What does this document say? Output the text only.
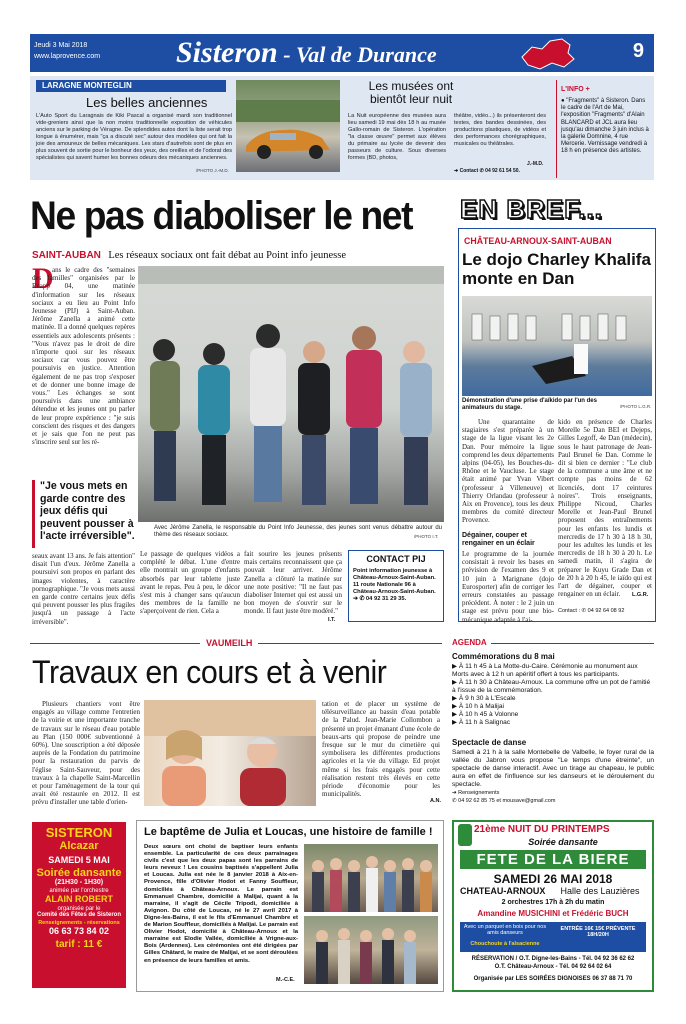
Jeudi 3 Mai 2018
www.laprovence.com	Sisteron - Val de Durance	9
LARAGNE MONTEGLIN
Les belles anciennes
L'Auto Sport du Laragnais de Kiki Pascal a organisé mardi son traditionnel vide-greniers ainsi que la non moins traditionnelle exposition de véhicules anciens sur le parking de Véragne. De splendides autos dont la liste serait trop longue à énumérer, mais "ça a discuté sec" autour des modèles qui ont fait la joie des amoureux de belles mécaniques. Les stars d'autrefois sont de plus en plus souvent de sortie pour le bonheur des yeux, des oreilles et de l'odorat des spécialistes qui savent humer les bonnes odeurs des mécaniques anciennes.
/PHOTO J.-M.D.
Les musées ont bientôt leur nuit
La Nuit européenne des musées aura lieu samedi 19 mai dès 18 h au musée Gallo-romain de Sisteron. L'opération "la classe œuvre" permet aux élèves du primaire au lycée de devenir des passeurs de culture. Sous diverses formes (BD, photos,
théâtre, vidéo...) ils présenteront des textes, des bandes dessinées, des productions plastiques, de vidéos et des performances chorégraphiques, musicales ou théâtrales.
J.-M.D.
➔ Contact ✆ 04 92 61 54 50.
L'INFO +
● "Fragments" à Sisteron. Dans le cadre de l'Art de Mai, l'exposition "Fragments" d'Alain BLANCARD et JCL aura lieu jusqu'au dimanche 3 juin inclus à la galerie Domnine, 4 rue Mercerie. Vernissage vendredi à 18 h en présence des artistes.
Ne pas diaboliser le net
SAINT-AUBAN Les réseaux sociaux ont fait débat au Point info jeunesse
D
ans le cadre des "semaines des familles" organisées par le Reapp 04, une matinée d'information sur les réseaux sociaux a eu lieu au Point Info Jeunesse (PIJ) à Saint-Auban. Jérôme Zanella a animé cette matinée. Il a donné quelques repères essentiels aux adolescents présents : "Vous n'avez pas le droit de dire n'importe quoi sur les réseaux sociaux car vous pouvez être poursuivis en justice. Attention également de ne pas trop s'exposer et de donner une bonne image de vous." Les échanges se sont poursuivis dans une ambiance détendue et les jeunes ont pu parler de leur propre expérience : "je suis conscient des risques et des dangers et je sais que l'on ne peut pas s'inscrire seul sur les ré-
"Je vous mets en garde contre des jeux défis qui peuvent pousser à l'acte irréversible".
seaux avant 13 ans. Je fais attention" disait l'un d'eux. Jérôme Zanella a poursuivi son propos en parlant des images violentes, à caractère pornographique. "Je vous mets aussi en garde contre certains jeux défis qui peuvent pousser les plus fragiles jusqu'à un passage à l'acte irréversible".
Avec Jérôme Zanella, le responsable du Point Info Jeunesse, des jeunes sont venus débattre autour du thème des réseaux sociaux.	/PHOTO I.T.
Le passage de quelques vidéos a complété le débat. L'une d'entre elle montrait un groupe d'enfants absorbés par leur tablette juste avant le repas. Peu à peu, le décor s'est mis à changer sans qu'aucun des membres de la famille ne s'aperçoivent de rien. Cela a
fait sourire les jeunes présents mais certains reconnaissent que ça pouvait leur arriver. Jérôme Zanella a clôturé la matinée sur une note positive: "Il ne faut pas diaboliser Internet qui est aussi un bon moyen de s'ouvrir sur le monde. Il faut juste être modéré."
I.T.
CONTACT PIJ
Point information jeunesse à Château-Arnoux-Saint-Auban. 11 route Nationale 96 à Château-Arnoux-Saint-Auban.
➔ ✆ 04 92 31 29 35.
EN BREF...
CHÂTEAU-ARNOUX-SAINT-AUBAN
Le dojo Charley Khalifa monte en Dan
Démonstration d'une prise d'aïkido par l'un des animateurs du stage.	/PHOTO L.G.R.
Une quarantaine de stagiaires s'est préparée à un stage de la ligue visant les 2e Dan. Pour mémoire la ligue comprend les deux départements alpins (04-05), les Bouches-du-Rhône et le Vaucluse. Le stage était animé par Yvan Vibert (professeur à Villeneuve) et Thierry Orlandau (professeur à Aix en Provence), tous les deux membres du comité directeur Provence.
Dégainer, couper et rengainer en un éclair
Le programme de la journée consistait à revoir les bases en prévision de l'examen des 9 et 10 juin à Marignane (dojo Eurosporter) afin de corriger les erreurs constatées au passage précédent. À noter : le 2 juin un stage est prévu pour une bio-mécanique adaptée à l'ai-
kido en présence de Charles Morelle 5e Dan BEI et Dejeps, Gilles Legoff, 4e Dan (médecin), sous le haut patronage de Jean-Paul Brunel 6e Dan. Comme le dit si bien ce dernier : "Le club de la commune a une âme et ne compte pas moins de 62 licenciés, dont 17 ceintures noires". Trois enseignants, Philippe Nicoud, Charles Morelle et Jean-Paul Brunel proposent des entraînements pour les enfants les lundis et mercredis de 17 h 30 à 18 h 30, pour les adultes les lundis et les mercredis de 18 h 30 à 20 h. Le samedi matin, il s'agira de préparer le Kuyu Grade Dan et de 20 h à 20 h 45, le iaïdo qui est l'art de dégainer, couper et rengainer en un éclair.	L.G.R.
Contact : ✆ 04 92 64 08 92
VAUMEILH
Travaux en cours et à venir
Plusieurs chantiers vont être engagés au village comme l'entretien de la voirie et une importante tranche de travaux sur le réseau d'eau potable au Plan (150 000€ subventionné à 60%). Une souscription a été déposée auprès de la Fondation du patrimoine pour la restauration du parvis de l'église Saint-Sauveur, pour des travaux à la chapelle Saint-Marcellin et pour l'aménagement de la tour qui avait été restaurée en 2012. Il est prévu d'installer une table d'orien-
tation et de placer un système de télésurveillance au bassin d'eau potable de la Palud. Jean-Marie Collombon a présenté un projet émanant d'une école de beaux-arts qui propose de peindre une fresque sur le mur du cimetière qui symbolisera les différentes productions agricoles et la vie du village. Ed projet même si les frais engagés pour cette réalisation restent très élevés en cette période d'économie pour les municipalités.
A.N.
AGENDA
Commémorations du 8 mai
▶ À 11 h 45 à La Motte-du-Caire. Cérémonie au monument aux Morts avec à 12 h un apéritif offert à tous les participants.
▶ À 11 h 30 à Château-Arnoux. La commune offre un pot de l'amitié à l'issue de la commémoration.
▶ À 9 h 30 à L'Escale
▶ À 10 h à Malijai
▶ À 10 h 45 à Volonne
▶ À 11 h à Salignac
Spectacle de danse
Samedi à 21 h à la salle Montebelle de Valbelle, le foyer rural de la vallée du Jabron vous propose "Le temps d'une étreinte", un spectacle de danse interactif. Avec un tirage au chapeau, le public aura en effet de l'influence sur les danseurs et le déroulement du spectacle.
➔ Renseignements
✆ 04 92 62 85 75 et mousave@gmail.com
SISTERON
Alcazar
SAMEDI 5 MAI
Soirée dansante
(21H30 - 1H30)
animée par l'orchestre
ALAIN ROBERT
organisée par le
Comité des Fêtes de Sisteron
Renseignements - réservations
06 63 73 84 02
tarif : 11 €
Le baptême de Julia et Loucas, une histoire de famille !
Deux sœurs ont choisi de baptiser leurs enfants ensemble. La particularité de ces deux parrainages civils c'est que les deux papas sont les parrains de leurs neveux ! Les cousins baptisés s'appellent Julia et Loucas. Julia est née le 8 janvier 2018 à Aix-en-Provence, fille d'Olivier Hodot et Fanny Souffleur, domiciliés à Château-Arnoux. Le parrain est Emmanuel Chambre, domicilié à Malijai, quant à la marraine, il s'agit de Cécile Tripodi, domiciliée à Avignon. Du côté de Loucas, né le 27 avril 2017 à Digne-les-Bains, il est le fils d'Emmanuel Chambre et de Marion Souffleur, domiciliés à Malijai. Le parrain est Olivier Hodot, domicilié à Château-Arnoux et la marraine est Elodie Vallée, domiciliée à Vrigne-aux-Bois (Ardennes). Les cérémonies ont été dirigées par Gilles Châtard, le maire de Malijai, et se sont déroulées en présence de leurs familles et amis.
M.-C.E.
21ème NUIT DU PRINTEMPS
Soirée dansante
FETE DE LA BIERE
SAMEDI 26 MAI 2018
CHATEAU-ARNOUX	Halle des Lauzières
2 orchestres 17h à 2h du matin
Amandine MUSICHINI et Frédéric BUCH
Avec un parquet en bois pour nos amis danseurs
Chouchoute à l'alsacienne
ENTRÉE 16€ 15€ PRÉVENTE 18H/20H
RÉSERVATION / O.T. Digne-les-Bains - Tél. 04 92 36 62 62
O.T. Château-Arnoux - Tél. 04 92 64 02 64
Organisée par LES SOIRÉES DIGNOISES 06 37 88 71 70
